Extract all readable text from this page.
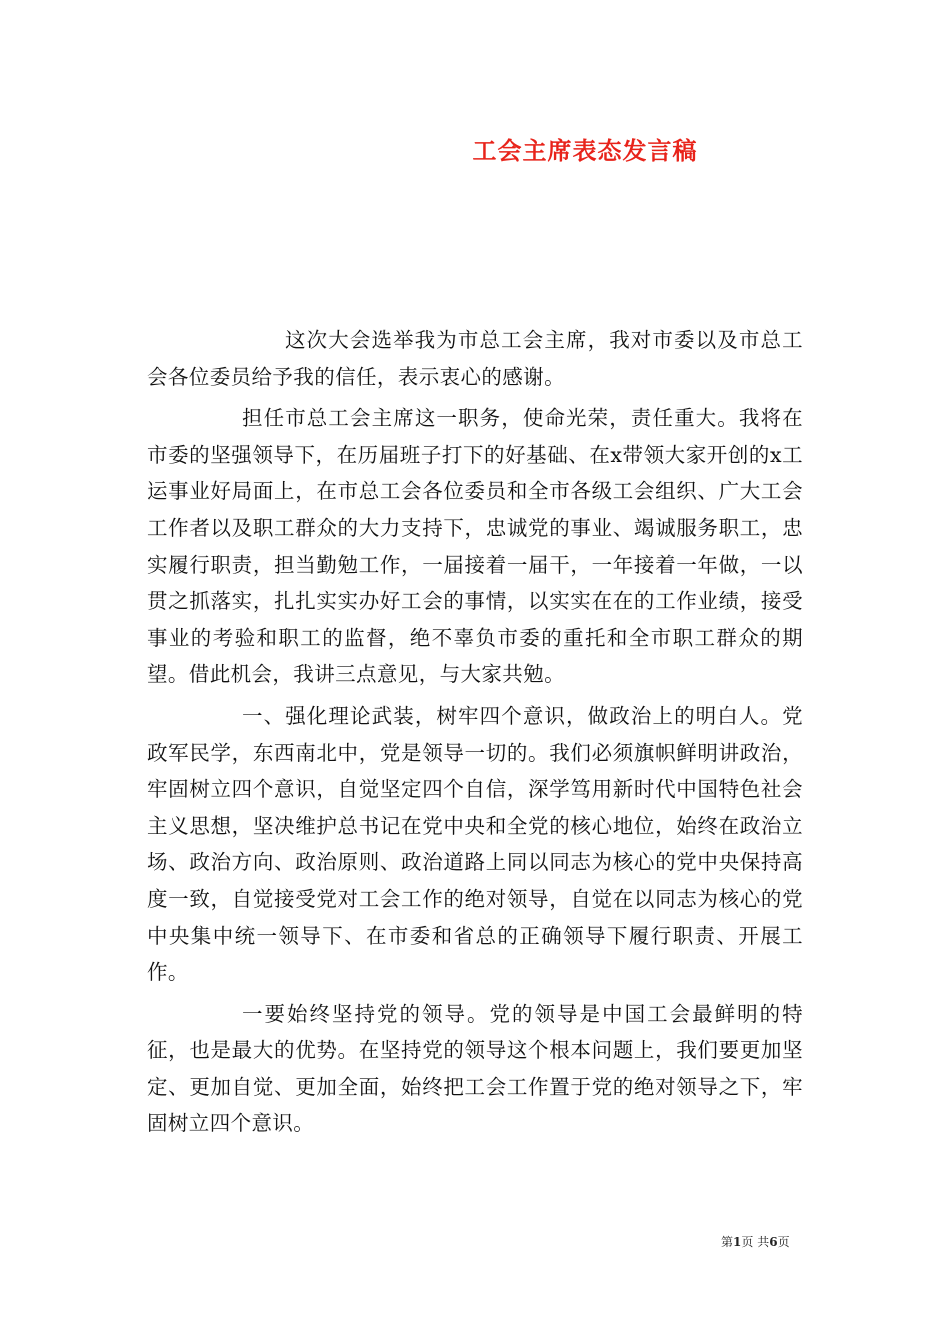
工会主席表态发言稿

这次大会选举我为市总工会主席，我对市委以及市总工会各位委员给予我的信任，表示衷心的感谢。

担任市总工会主席这一职务，使命光荣，责任重大。我将在市委的坚强领导下，在历届班子打下的好基础、在x带领大家开创的x工运事业好局面上，在市总工会各位委员和全市各级工会组织、广大工会工作者以及职工群众的大力支持下，忠诚党的事业、竭诚服务职工，忠实履行职责，担当勤勉工作，一届接着一届干，一年接着一年做，一以贯之抓落实，扎扎实实办好工会的事情，以实实在在的工作业绩，接受事业的考验和职工的监督，绝不辜负市委的重托和全市职工群众的期望。借此机会，我讲三点意见，与大家共勉。

一、强化理论武装，树牢四个意识，做政治上的明白人。党政军民学，东西南北中，党是领导一切的。我们必须旗帜鲜明讲政治，牢固树立四个意识，自觉坚定四个自信，深学笃用新时代中国特色社会主义思想，坚决维护总书记在党中央和全党的核心地位，始终在政治立场、政治方向、政治原则、政治道路上同以同志为核心的党中央保持高度一致，自觉接受党对工会工作的绝对领导，自觉在以同志为核心的党中央集中统一领导下、在市委和省总的正确领导下履行职责、开展工作。

一要始终坚持党的领导。党的领导是中国工会最鲜明的特征，也是最大的优势。在坚持党的领导这个根本问题上，我们要更加坚定、更加自觉、更加全面，始终把工会工作置于党的绝对领导之下，牢固树立四个意识。

第1页 共6页
